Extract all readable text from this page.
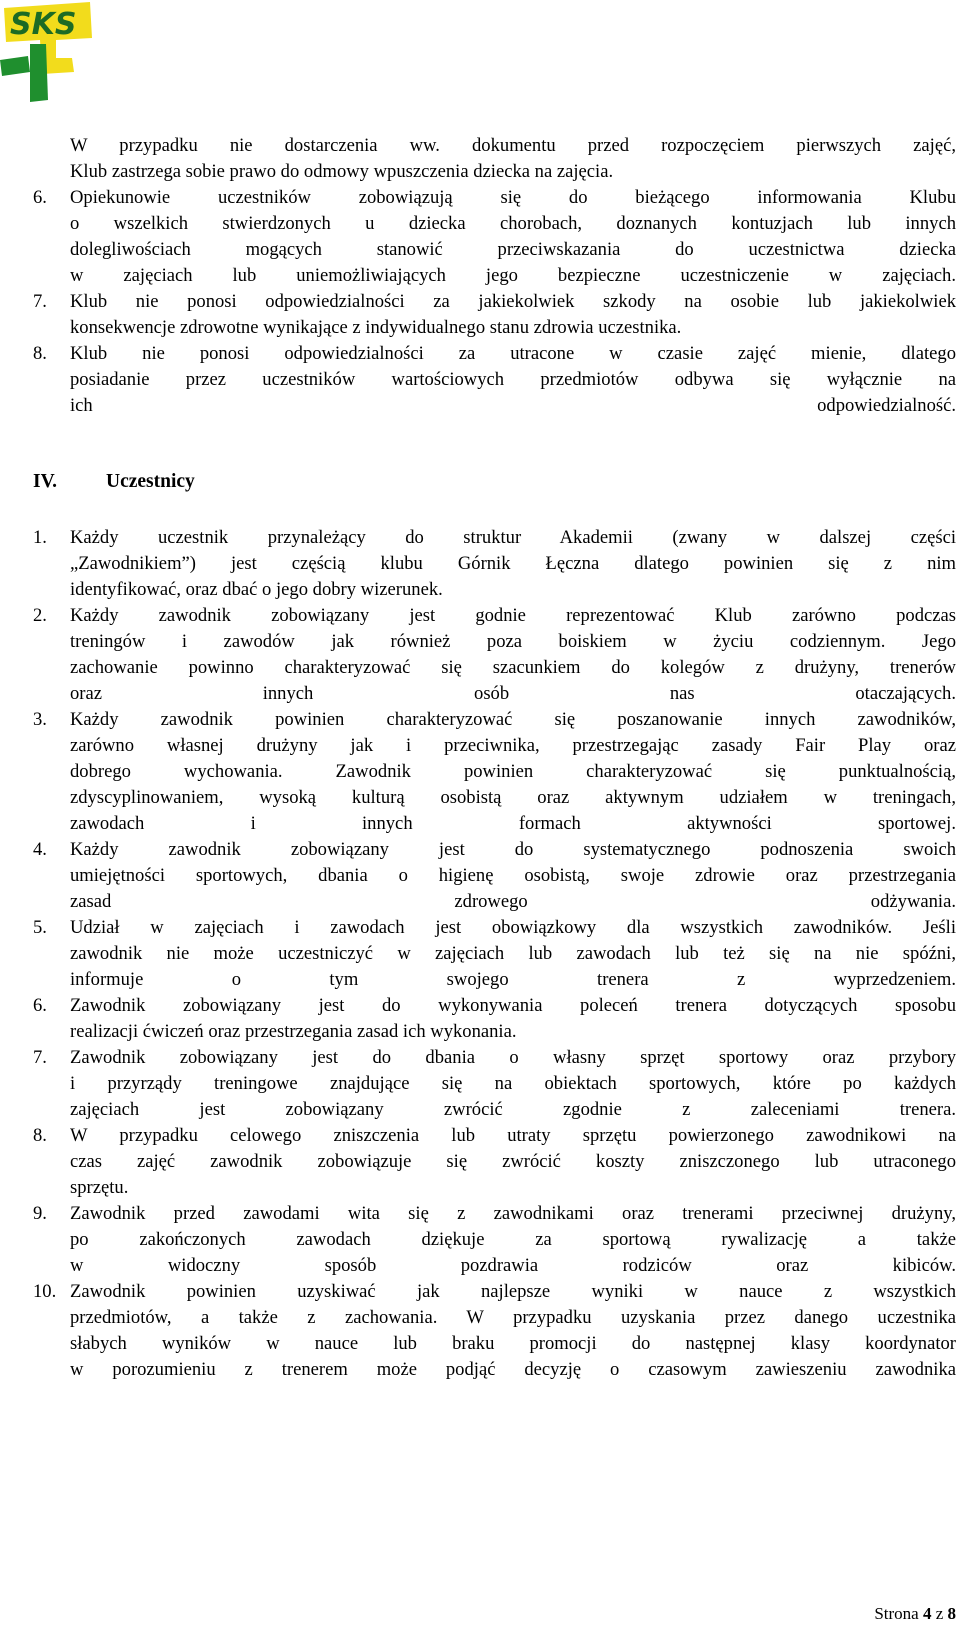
SKS
W przypadku nie dostarczenia ww. dokumentu przed rozpoczęciem pierwszych zajęć,
Klub zastrzega sobie prawo do odmowy wpuszczenia dziecka na zajęcia.
6. Opiekunowie uczestników zobowiązują się do bieżącego informowania Klubu
o wszelkich stwierdzonych u dziecka chorobach, doznanych kontuzjach lub innych
dolegliwościach mogących stanowić przeciwskazania do uczestnictwa dziecka
w zajęciach lub uniemożliwiających jego bezpieczne uczestniczenie w zajęciach.
7. Klub nie ponosi odpowiedzialności za jakiekolwiek szkody na osobie lub jakiekolwiek
konsekwencje zdrowotne wynikające z indywidualnego stanu zdrowia uczestnika.
8. Klub nie ponosi odpowiedzialności za utracone w czasie zajęć mienie, dlatego
posiadanie przez uczestników wartościowych przedmiotów odbywa się wyłącznie na
ich odpowiedzialność.
1. Każdy uczestnik przynależący do struktur Akademii (zwany w dalszej części
„Zawodnikiem”) jest częścią klubu Górnik Łęczna dlatego powinien się z nim
identyfikować, oraz dbać o jego dobry wizerunek.
2. Każdy zawodnik zobowiązany jest godnie reprezentować Klub zarówno podczas
treningów i zawodów jak również poza boiskiem w życiu codziennym. Jego
zachowanie powinno charakteryzować się szacunkiem do kolegów z drużyny, trenerów
oraz innych osób nas otaczających.
3. Każdy zawodnik powinien charakteryzować się poszanowanie innych zawodników,
zarówno własnej drużyny jak i przeciwnika, przestrzegając zasady Fair Play oraz
dobrego wychowania. Zawodnik powinien charakteryzować się punktualnością,
zdyscyplinowaniem, wysoką kulturą osobistą oraz aktywnym udziałem w treningach,
zawodach i innych formach aktywności sportowej.
4. Każdy zawodnik zobowiązany jest do systematycznego podnoszenia swoich
umiejętności sportowych, dbania o higienę osobistą, swoje zdrowie oraz przestrzegania
zasad zdrowego odżywania.
5. Udział w zajęciach i zawodach jest obowiązkowy dla wszystkich zawodników. Jeśli
zawodnik nie może uczestniczyć w zajęciach lub zawodach lub też się na nie spóźni,
informuje o tym swojego trenera z wyprzedzeniem.
6. Zawodnik zobowiązany jest do wykonywania poleceń trenera dotyczących sposobu
realizacji ćwiczeń oraz przestrzegania zasad ich wykonania.
7. Zawodnik zobowiązany jest do dbania o własny sprzęt sportowy oraz przybory
i przyrządy treningowe znajdujące się na obiektach sportowych, które po każdych
zajęciach jest zobowiązany zwrócić zgodnie z zaleceniami trenera.
8. W przypadku celowego zniszczenia lub utraty sprzętu powierzonego zawodnikowi na
czas zajęć zawodnik zobowiązuje się zwrócić koszty zniszczonego lub utraconego
sprzętu.
9. Zawodnik przed zawodami wita się z zawodnikami oraz trenerami przeciwnej drużyny,
po zakończonych zawodach dziękuje za sportową rywalizację a także
w widoczny sposób pozdrawia rodziców oraz kibiców.
10. Zawodnik powinien uzyskiwać jak najlepsze wyniki w nauce z wszystkich
przedmiotów, a także z zachowania. W przypadku uzyskania przez danego uczestnika
słabych wyników w nauce lub braku promocji do następnej klasy koordynator
w porozumieniu z trenerem może podjąć decyzję o czasowym zawieszeniu zawodnika
IV.	Uczestnicy
Strona 4 z 8
